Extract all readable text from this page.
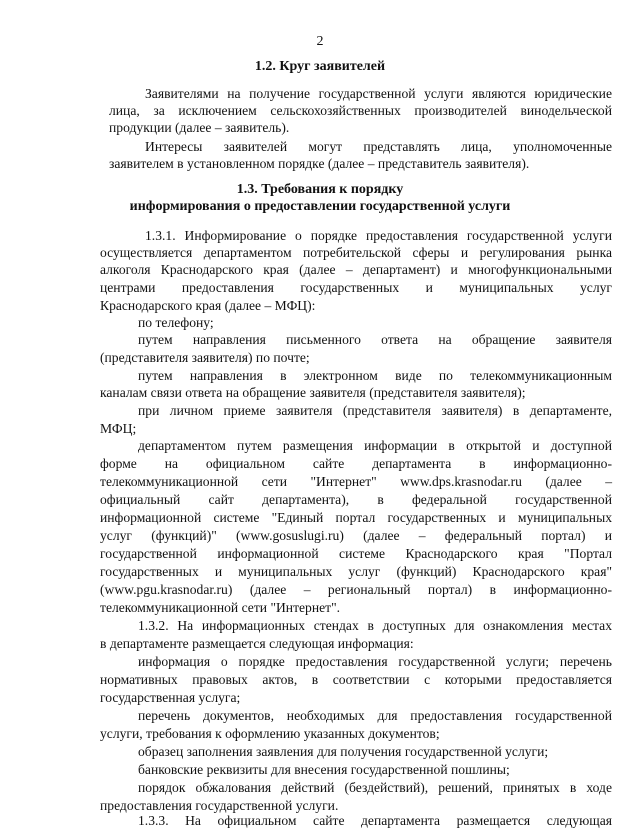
2
1.2. Круг заявителей
Заявителями на получение государственной услуги являются юридические
лица, за исключением сельскохозяйственных производителей винодельческой
продукции (далее – заявитель).
Интересы заявителей могут представлять лица, уполномоченные
заявителем в установленном порядке (далее – представитель заявителя).
1.3. Требования к порядку
информирования о предоставлении государственной услуги
1.3.1. Информирование о порядке предоставления государственной услуги
осуществляется департаментом потребительской сферы и регулирования рынка
алкоголя Краснодарского края (далее – департамент) и многофункциональными
центрами предоставления государственных и муниципальных услуг
Краснодарского края (далее – МФЦ):
по телефону;
путем направления письменного ответа на обращение заявителя
(представителя заявителя) по почте;
путем направления в электронном виде по телекоммуникационным
каналам связи ответа на обращение заявителя (представителя заявителя);
при личном приеме заявителя (представителя заявителя) в департаменте,
МФЦ;
департаментом путем размещения информации в открытой и доступной
форме на официальном сайте департамента в информационно-
телекоммуникационной сети "Интернет" www.dps.krasnodar.ru (далее –
официальный сайт департамента), в федеральной государственной
информационной системе "Единый портал государственных и муниципальных
услуг (функций)" (www.gosuslugi.ru) (далее – федеральный портал) и
государственной информационной системе Краснодарского края "Портал
государственных и муниципальных услуг (функций) Краснодарского края"
(www.pgu.krasnodar.ru) (далее – региональный портал) в информационно-
телекоммуникационной сети "Интернет".
1.3.2. На информационных стендах в доступных для ознакомления местах
в департаменте размещается следующая информация:
информация о порядке предоставления государственной услуги; перечень
нормативных правовых актов, в соответствии с которыми предоставляется
государственная услуга;
перечень документов, необходимых для предоставления государственной
услуги, требования к оформлению указанных документов;
образец заполнения заявления для получения государственной услуги;
банковские реквизиты для внесения государственной пошлины;
порядок обжалования действий (бездействий), решений, принятых в ходе
предоставления государственной услуги.
1.3.3. На официальном сайте департамента размещается следующая
